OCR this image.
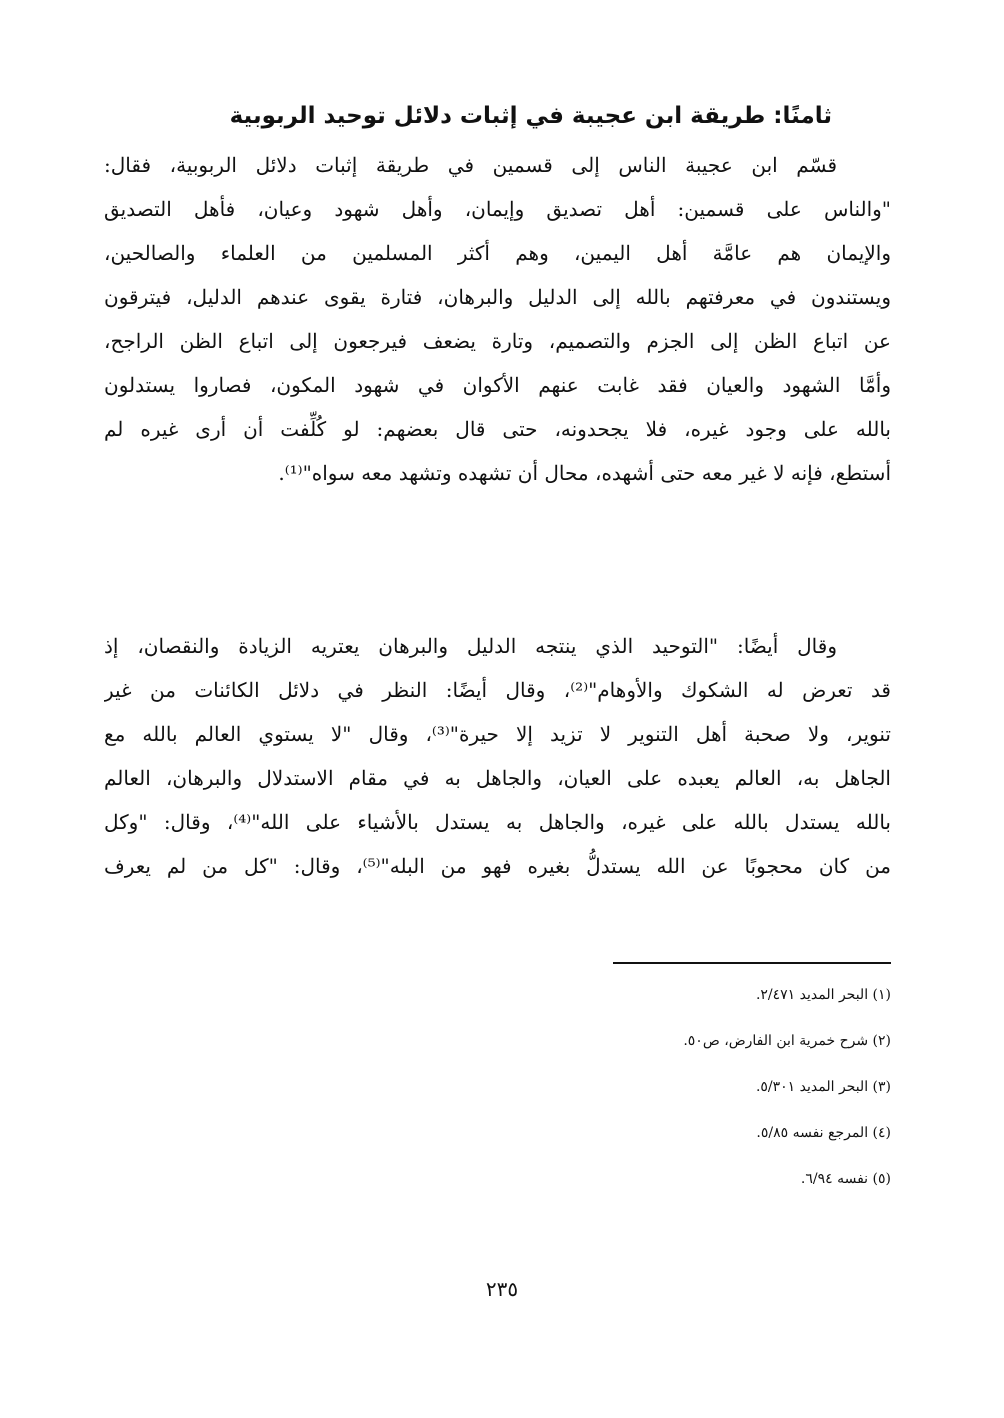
ثامنًا: طريقة ابن عجيبة في إثبات دلائل توحيد الربوبية
قسّم ابن عجيبة الناس إلى قسمين في طريقة إثبات دلائل الربوبية، فقال:
"والناس على قسمين: أهل تصديق وإيمان، وأهل شهود وعيان، فأهل التصديق
والإيمان هم عامَّة أهل اليمين، وهم أكثر المسلمين من العلماء والصالحين،
ويستندون في معرفتهم بالله إلى الدليل والبرهان، فتارة يقوى عندهم الدليل، فيترقون
عن اتباع الظن إلى الجزم والتصميم، وتارة يضعف فيرجعون إلى اتباع الظن الراجح،
وأمَّا الشهود والعيان فقد غابت عنهم الأكوان في شهود المكون، فصاروا يستدلون
بالله على وجود غيره، فلا يجحدونه، حتى قال بعضهم: لو كُلِّفت أن أرى غيره لم
أستطع، فإنه لا غير معه حتى أشهده، محال أن تشهده وتشهد معه سواه"⁽¹⁾.
وقال أيضًا: "التوحيد الذي ينتجه الدليل والبرهان يعتريه الزيادة والنقصان، إذ
قد تعرض له الشكوك والأوهام"⁽²⁾، وقال أيضًا: النظر في دلائل الكائنات من غير
تنوير، ولا صحبة أهل التنوير لا تزيد إلا حيرة"⁽³⁾، وقال "لا يستوي العالم بالله مع
الجاهل به، العالم يعبده على العيان، والجاهل به في مقام الاستدلال والبرهان، العالم
بالله يستدل بالله على غيره، والجاهل به يستدل بالأشياء على الله"⁽⁴⁾، وقال: "وكل
من كان محجوبًا عن الله يستدلُّ بغيره فهو من البله"⁽⁵⁾، وقال: "كل من لم يعرف
(١) البحر المديد ٢/٤٧١.
(٢) شرح خمرية ابن الفارض، ص٥٠.
(٣) البحر المديد ٥/٣٠١.
(٤) المرجع نفسه ٥/٨٥.
(٥) نفسه ٦/٩٤.
٢٣٥
